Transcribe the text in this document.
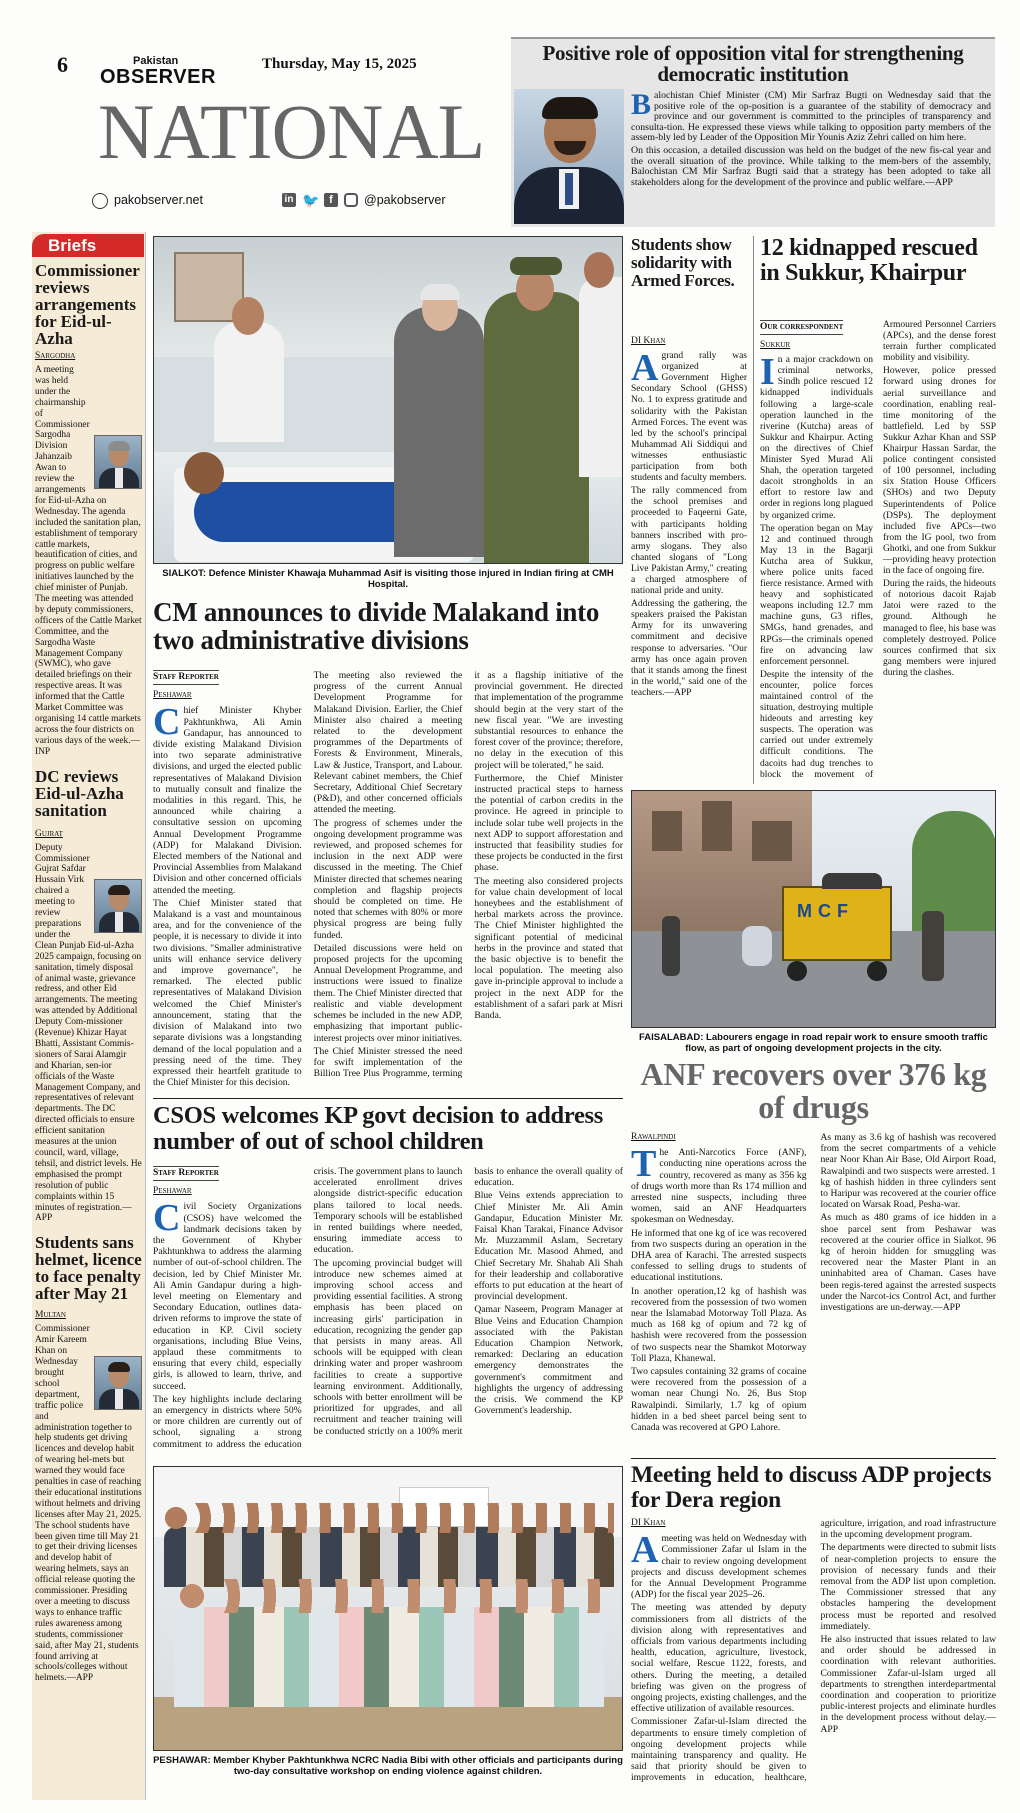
6	Pakistan
OBSERVER
Thursday, May 15, 2025
NATIONAL
pakobserver.net	in 🐦 f	@pakobserver
Positive role of opposition vital for strengthening democratic institution

Balochistan Chief Minister (CM) Mir Sarfraz Bugti on Wednesday said that the positive role of the op-position is a guarantee of the stability of democracy and province and our government is committed to the principles of transparency and consulta-tion. He expressed these views while talking to opposition party members of the assem-bly led by Leader of the Opposition Mir Younis Aziz Zehri called on him here.

On this occasion, a detailed discussion was held on the budget of the new fis-cal year and the overall situation of the province. While talking to the mem-bers of the assembly, Balochistan CM Mir Sarfraz Bugti said that a strategy has been adopted to take all stakeholders along for the development of the province and public welfare.—APP

Briefs
Commissioner reviews arrangements for Eid-ul-Azha
Sargodha
A meeting was held under the chairmanship of Commissioner Sargodha Division Jahanzaib Awan to review the arrangements for Eid-ul-Azha on Wednesday. The agenda included the sanitation plan, establishment of temporary cattle markets, beautification of cities, and progress on public welfare initiatives launched by the chief minister of Punjab. The meeting was attended by deputy commissioners, officers of the Cattle Market Committee, and the Sargodha Waste Management Company (SWMC), who gave detailed briefings on their respective areas. It was informed that the Cattle Market Committee was organising 14 cattle markets across the four districts on various days of the week.—INP
DC reviews Eid-ul-Azha sanitation
Gujrat
Deputy Commissioner Gujrat Safdar Hussain Virk chaired a meeting to review preparations under the Clean Punjab Eid-ul-Azha 2025 campaign, focusing on sanitation, timely disposal of animal waste, grievance redress, and other Eid arrangements. The meeting was attended by Additional Deputy Com-missioner (Revenue) Khizar Hayat Bhatti, Assistant Commis-sioners of Sarai Alamgir and Kharian, sen-ior officials of the Waste Management Company, and representatives of relevant departments. The DC directed officials to ensure efficient sanitation measures at the union council, ward, village, tehsil, and district levels. He emphasised the prompt resolution of public complaints within 15 minutes of registration.—APP
Students sans helmet, licence to face penalty after May 21
Multan
Commissioner Amir Kareem Khan on Wednesday brought school department, traffic police and administration together to help students get driving licences and develop habit of wearing hel-mets but warned they would face penalties in case of reaching their educational institutions without helmets and driving licenses after May 21, 2025. The school students have been given time till May 21 to get their driving licenses and develop habit of wearing helmets, says an official release quoting the commissioner. Presiding over a meeting to discuss ways to enhance traffic rules awareness among students, commissioner said, after May 21, students found arriving at schools/colleges without helmets.—APP
SIALKOT: Defence Minister Khawaja Muhammad Asif is visiting those injured in Indian firing at CMH Hospital.
CM announces to divide Malakand into two administrative divisions
Staff Reporter
Peshawar

Chief Minister Khyber Pakhtunkhwa, Ali Amin Gandapur, has announced to divide existing Malakand Division into two separate administrative divisions, and urged the elected public representatives of Malakand Division to mutually consult and finalize the modalities in this regard. This, he announced while chairing a consultative session on upcoming Annual Development Programme (ADP) for Malakand Division. Elected members of the National and Provincial Assemblies from Malakand Division and other concerned officials attended the meeting.

The Chief Minister stated that Malakand is a vast and mountainous area, and for the convenience of the people, it is necessary to divide it into two divisions. "Smaller administrative units will enhance service delivery and improve governance", he remarked. The elected public representatives of Malakand Division welcomed the Chief Minister's announcement, stating that the division of Malakand into two separate divisions was a longstanding demand of the local population and a pressing need of the time. They expressed their heartfelt gratitude to the Chief Minister for this decision.

The meeting also reviewed the progress of the current Annual Development Programme for Malakand Division. Earlier, the Chief Minister also chaired a meeting related to the development programmes of the Departments of Forests & Environment, Minerals, Law & Justice, Transport, and Labour. Relevant cabinet members, the Chief Secretary, Additional Chief Secretary (P&D), and other concerned officials attended the meeting.

The progress of schemes under the ongoing development programme was reviewed, and proposed schemes for inclusion in the next ADP were discussed in the meeting. The Chief Minister directed that schemes nearing completion and flagship projects should be completed on time. He noted that schemes with 80% or more physical progress are being fully funded.

Detailed discussions were held on proposed projects for the upcoming Annual Development Programme, and instructions were issued to finalize them. The Chief Minister directed that realistic and viable development schemes be included in the new ADP, emphasizing that important public-interest projects over minor initiatives.

The Chief Minister stressed the need for swift implementation of the Billion Tree Plus Programme, terming it as a flagship initiative of the provincial government. He directed that implementation of the programme should begin at the very start of the new fiscal year. "We are investing substantial resources to enhance the forest cover of the province; therefore, no delay in the execution of this project will be tolerated," he said.

Furthermore, the Chief Minister instructed practical steps to harness the potential of carbon credits in the province. He agreed in principle to include solar tube well projects in the next ADP to support afforestation and instructed that feasibility studies for these projects be conducted in the first phase.

The meeting also considered projects for value chain development of local honeybees and the establishment of herbal markets across the province. The Chief Minister highlighted the significant potential of medicinal herbs in the province and stated that the basic objective is to benefit the local population. The meeting also gave in-principle approval to include a project in the next ADP for the establishment of a safari park at Misri Banda.

CSOS welcomes KP govt decision to address number of out of school children
Staff Reporter
Peshawar

Civil Society Organizations (CSOS) have welcomed the landmark decisions taken by the Government of Khyber Pakhtunkhwa to address the alarming number of out-of-school children. The decision, led by Chief Minister Mr. Ali Amin Gandapur during a high-level meeting on Elementary and Secondary Education, outlines data-driven reforms to improve the state of education in KP. Civil society organisations, including Blue Veins, applaud these commitments to ensuring that every child, especially girls, is allowed to learn, thrive, and succeed.

The key highlights include declaring an emergency in districts where 50% or more children are currently out of school, signaling a strong commitment to address the education crisis. The government plans to launch accelerated enrollment drives alongside district-specific education plans tailored to local needs. Temporary schools will be established in rented buildings where needed, ensuring immediate access to education.

The upcoming provincial budget will introduce new schemes aimed at improving school access and providing essential facilities. A strong emphasis has been placed on increasing girls' participation in education, recognizing the gender gap that persists in many areas. All schools will be equipped with clean drinking water and proper washroom facilities to create a supportive learning environment. Additionally, schools with better enrollment will be prioritized for upgrades, and all recruitment and teacher training will be conducted strictly on a 100% merit basis to enhance the overall quality of education.

Blue Veins extends appreciation to Chief Minister Mr. Ali Amin Gandapur, Education Minister Mr. Faisal Khan Tarakai, Finance Advisor Mr. Muzzammil Aslam, Secretary Education Mr. Masood Ahmed, and Chief Secretary Mr. Shahab Ali Shah for their leadership and collaborative efforts to put education at the heart of provincial development.

Qamar Naseem, Program Manager at Blue Veins and Education Champion associated with the Pakistan Education Champion Network, remarked: Declaring an education emergency demonstrates the government's commitment and highlights the urgency of addressing the crisis. We commend the KP Government's leadership.

PESHAWAR: Member Khyber Pakhtunkhwa NCRC Nadia Bibi with other officials and participants during two-day consultative workshop on ending violence against children.
Students show solidarity with Armed Forces.
DI Khan

A grand rally was organized at Government Higher Secondary School (GHSS) No. 1 to express gratitude and solidarity with the Pakistan Armed Forces. The event was led by the school's principal Muhammad Ali Siddiqui and witnesses enthusiastic participation from both students and faculty members.

The rally commenced from the school premises and proceeded to Faqeerni Gate, with participants holding banners inscribed with pro-army slogans. They also chanted slogans of "Long Live Pakistan Army," creating a charged atmosphere of national pride and unity.

Addressing the gathering, the speakers praised the Pakistan Army for its unwavering commitment and decisive response to adversaries. "Our army has once again proven that it stands among the finest in the world," said one of the teachers.—APP

12 kidnapped rescued in Sukkur, Khairpur
Our correspondent
Sukkur

In a major crackdown on criminal networks, Sindh police rescued 12 kidnapped individuals following a large-scale operation launched in the riverine (Kutcha) areas of Sukkur and Khairpur. Acting on the directives of Chief Minister Syed Murad Ali Shah, the operation targeted dacoit strongholds in an effort to restore law and order in regions long plagued by organized crime.

The operation began on May 12 and continued through May 13 in the Bagarji Kutcha area of Sukkur, where police units faced fierce resistance. Armed with heavy and sophisticated weapons including 12.7 mm machine guns, G3 rifles, SMGs, hand grenades, and RPGs—the criminals opened fire on advancing law enforcement personnel.

Despite the intensity of the encounter, police forces maintained control of the situation, destroying multiple hideouts and arresting key suspects. The operation was carried out under extremely difficult conditions. The dacoits had dug trenches to block the movement of Armoured Personnel Carriers (APCs), and the dense forest terrain further complicated mobility and visibility.

However, police pressed forward using drones for aerial surveillance and coordination, enabling real-time monitoring of the battlefield. Led by SSP Sukkur Azhar Khan and SSP Khairpur Hassan Sardar, the police contingent consisted of 100 personnel, including six Station House Officers (SHOs) and two Deputy Superintendents of Police (DSPs). The deployment included five APCs—two from the IG pool, two from Ghotki, and one from Sukkur—providing heavy protection in the face of ongoing fire.

During the raids, the hideouts of notorious dacoit Rajab Jatoi were razed to the ground. Although he managed to flee, his base was completely destroyed. Police sources confirmed that six gang members were injured during the clashes.

MCF
FAISALABAD: Labourers engage in road repair work to ensure smooth traffic flow, as part of ongoing development projects in the city.
ANF recovers over 376 kg of drugs
Rawalpindi

The Anti-Narcotics Force (ANF), conducting nine operations across the country, recovered as many as 356 kg of drugs worth more than Rs 174 million and arrested nine suspects, including three women, said an ANF Headquarters spokesman on Wednesday.

He informed that one kg of ice was recovered from two suspects during an operation in the DHA area of Karachi. The arrested suspects confessed to selling drugs to students of educational institutions.

In another operation,12 kg of hashish was recovered from the possession of two women near the Islamabad Motorway Toll Plaza. As much as 168 kg of opium and 72 kg of hashish were recovered from the possession of two suspects near the Shamkot Motorway Toll Plaza, Khanewal.

Two capsules containing 32 grams of cocaine were recovered from the possession of a woman near Chungi No. 26, Bus Stop Rawalpindi. Similarly, 1.7 kg of opium hidden in a bed sheet parcel being sent to Canada was recovered at GPO Lahore.

As many as 3.6 kg of hashish was recovered from the secret compartments of a vehicle near Noor Khan Air Base, Old Airport Road, Rawalpindi and two suspects were arrested. 1 kg of hashish hidden in three cylinders sent to Haripur was recovered at the courier office located on Warsak Road, Pesha-war.

As much as 480 grams of ice hidden in a shoe parcel sent from Peshawar was recovered at the courier office in Sialkot. 96 kg of heroin hidden for smuggling was recovered near the Master Plant in an uninhabited area of Chaman. Cases have been regis-tered against the arrested suspects under the Narcot-ics Control Act, and further investigations are un-derway.—APP

Meeting held to discuss ADP projects for Dera region
DI Khan

A meeting was held on Wednesday with Commissioner Zafar ul Islam in the chair to review ongoing development projects and discuss development schemes for the Annual Development Programme (ADP) for the fiscal year 2025–26.

The meeting was attended by deputy commissioners from all districts of the division along with representatives and officials from various departments including health, education, agriculture, livestock, social welfare, Rescue 1122, forests, and others. During the meeting, a detailed briefing was given on the progress of ongoing projects, existing challenges, and the effective utilization of available resources.

Commissioner Zafar-ul-Islam directed the departments to ensure timely completion of ongoing development projects while maintaining transparency and quality. He said that priority should be given to improvements in education, healthcare, agriculture, irrigation, and road infrastructure in the upcoming development program.

The departments were directed to submit lists of near-completion projects to ensure the provision of necessary funds and their removal from the ADP list upon completion. The Commissioner stressed that any obstacles hampering the development process must be reported and resolved immediately.

He also instructed that issues related to law and order should be addressed in coordination with relevant authorities. Commissioner Zafar-ul-Islam urged all departments to strengthen interdepartmental coordination and cooperation to prioritize public-interest projects and eliminate hurdles in the development process without delay.—APP
